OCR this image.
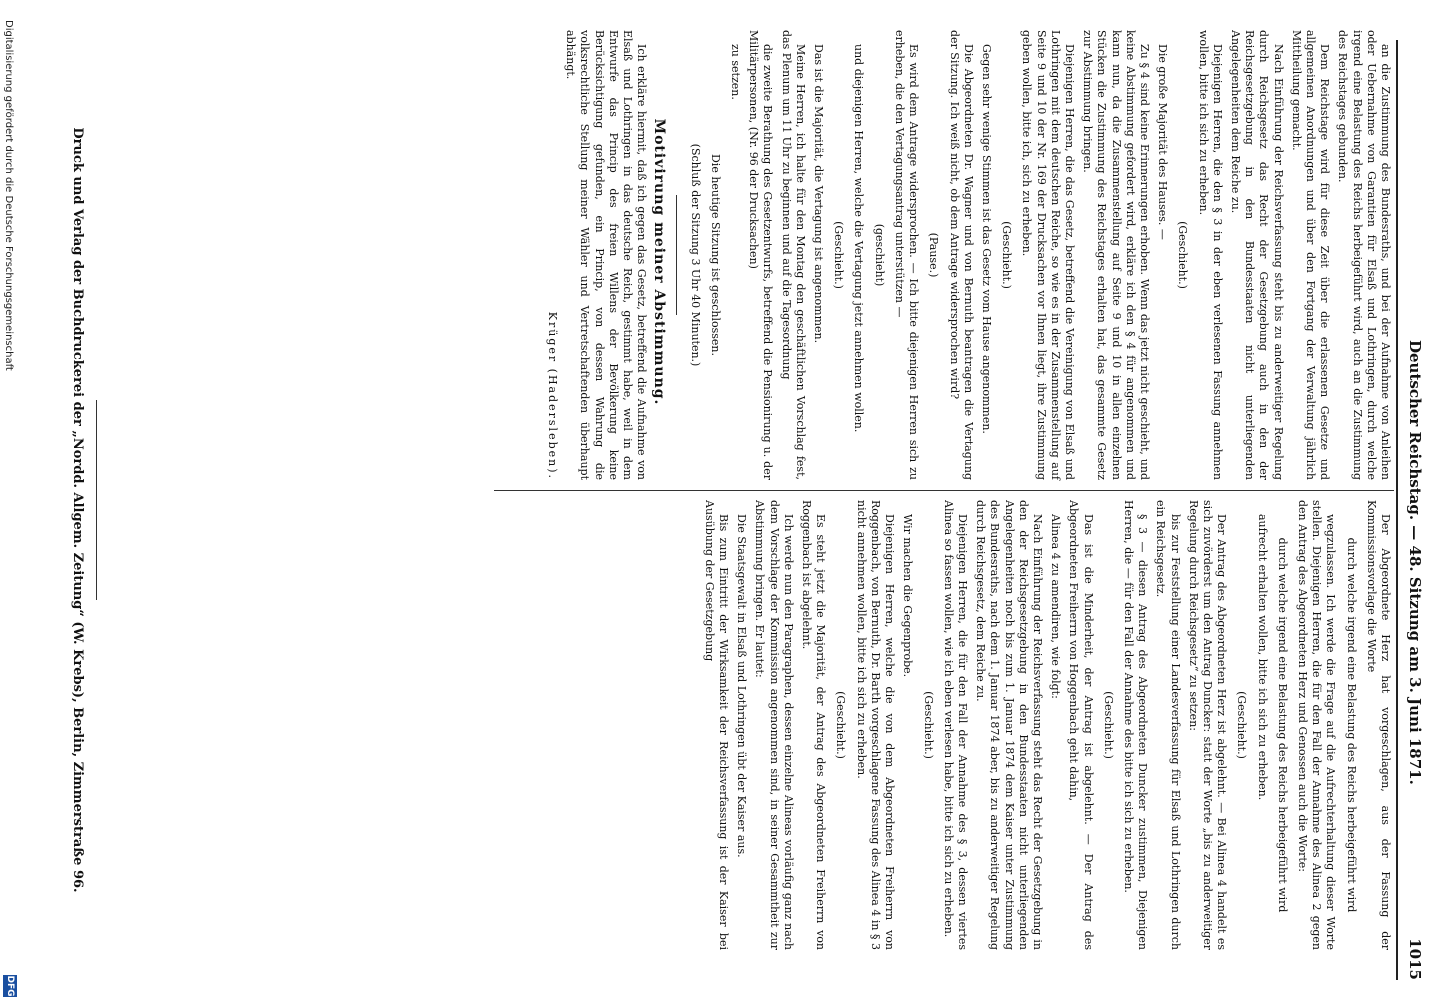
Deutscher Reichstag. — 48. Sitzung am 3. Juni 1871.
1015

an die Zustimmung des Bundesraths, und bei der Aufnahme von Anleihen oder Uebernahme von Garantien für Elsaß und Lothringen, durch welche irgend eine Belastung des Reichs herbeigeführt wird, auch an die Zustimmung des Reichstages gebunden.

Dem Reichstage wird für diese Zeit über die erlassenen Gesetze und allgemeinen Anordnungen und über den Fortgang der Verwaltung jährlich Mittheilung gemacht.

Nach Einführung der Reichsverfassung steht bis zu anderweitiger Regelung durch Reichsgesetz das Recht der Gesetzgebung auch in den der Reichsgesetzgebung in den Bundesstaaten nicht unterliegenden Angelegenheiten dem Reiche zu.

Diejenigen Herren, die den § 3 in der eben verlesenen Fassung annehmen wollen, bitte ich sich zu erheben.

(Geschieht.)

Die große Majorität des Hauses. —

Zu § 4 sind keine Erinnerungen erhoben. Wenn das jetzt nicht geschieht, und keine Abstimmung gefordert wird, erkläre ich den § 4 für angenommen und kann nun, da die Zusammenstellung auf Seite 9 und 10 in allen einzelnen Stücken die Zustimmung des Reichstages erhalten hat, das gesammte Gesetz zur Abstimmung bringen.

Diejenigen Herren, die das Gesetz, betreffend die Vereinigung von Elsaß und Lothringen mit dem deutschen Reiche, so wie es in der Zusammenstellung auf Seite 9 und 10 der Nr. 169 der Drucksachen vor Ihnen liegt, ihre Zustimmung geben wollen, bitte ich, sich zu erheben.

(Geschieht.)

Gegen sehr wenige Stimmen ist das Gesetz vom Hause angenommen.

Die Abgeordneten Dr. Wagner und von Bernuth beantragen die Vertagung der Sitzung. Ich weiß nicht, ob dem Antrage widersprochen wird?

(Pause.)

Es wird dem Antrage widersprochen. — Ich bitte diejenigen Herren sich zu erheben, die den Vertagungsantrag unterstützen —

(geschieht)

und diejenigen Herren, welche die Vertagung jetzt annehmen wollen.

(Geschieht.)

Das ist die Majorität, die Vertagung ist angenommen.

Meine Herren, ich halte für den Montag den geschäftlichen Vorschlag fest, das Plenum um 11 Uhr zu beginnen und auf die Tagesordnung

die zweite Berathung des Gesetzentwurfs, betreffend die Pensionirung u. der Militärpersonen, (Nr. 96 der Drucksachen)

zu setzen.

Die heutige Sitzung ist geschlossen.

(Schluß der Sitzung 3 Uhr 40 Minuten.)

Motivirung meiner Abstimmung.

Ich erkläre hiermit, daß ich gegen das Gesetz, betreffend die Aufnahme von Elsaß und Lothringen in das deutsche Reich, gestimmt habe, weil in dem Entwurfe das Princip des freien Willens der Bevölkerung keine Berücksichtigung gefunden, ein Princip, von dessen Wahrung die volksrechtliche Stellung meiner Wähler und Vertretschaftenden überhaupt abhängt.

Krüger (Hadersleben).

Der Abgeordnete Herz hat vorgeschlagen, aus der Fassung der Kommissionsvorlage die Worte

durch welche irgend eine Belastung des Reichs herbeigeführt wird

wegzulassen. Ich werde die Frage auf die Aufrechterhaltung dieser Worte stellen. Diejenigen Herren, die für den Fall der Annahme des Alinea 2 gegen den Antrag des Abgeordneten Herz und Genossen auch die Worte:

durch welche irgend eine Belastung des Reichs herbeigeführt wird

aufrecht erhalten wollen, bitte ich sich zu erheben.

(Geschieht.)

Der Antrag des Abgeordneten Herz ist abgelehnt. — Bei Alinea 4 handelt es sich zuvörderst um den Antrag Duncker: statt der Worte „bis zu anderweitiger Regelung durch Reichsgesetz“ zu setzen:

bis zur Feststellung einer Landesverfassung für Elsaß und Lothringen durch ein Reichsgesetz.

§ 3 — diesen Antrag des Abgeordneten Duncker zustimmen, Diejenigen Herren, die — für den Fall der Annahme des bitte ich sich zu erheben.

(Geschieht.)

Das ist die Minderheit, der Antrag ist abgelehnt. — Der Antrag des Abgeordneten Freiherrn von Hoggenbach geht dahin,

Alinea 4 zu amendiren, wie folgt:

Nach Einführung der Reichsverfassung steht das Recht der Gesetzgebung in den der Reichsgesetzgebung in den Bundesstaaten nicht unterliegenden Angelegenheiten noch bis zum 1. Januar 1874 dem Kaiser unter Zustimmung des Bundesraths, nach dem 1. Januar 1874 aber, bis zu anderweitiger Regelung durch Reichsgesetz, dem Reiche zu.

Diejenigen Herren, die für den Fall der Annahme des § 3, dessen viertes Alinea so fassen wollen, wie ich eben verlesen habe, bitte ich sich zu erheben.

(Geschieht.)

Wir machen die Gegenprobe.

Diejenigen Herren, welche die von dem Abgeordneten Freiherrn von Roggenbach, von Bernuth, Dr. Barth vorgeschlagene Fassung des Alinea 4 in § 3 nicht annehmen wollen, bitte ich sich zu erheben.

(Geschieht.)

Es steht jetzt die Majorität, der Antrag des Abgeordneten Freiherrn von Roggenbach ist abgelehnt.

Ich werde nun den Paragraphen, dessen einzelne Alineas vorläufig ganz nach dem Vorschlage der Kommission angenommen sind, in seiner Gesammtheit zur Abstimmung bringen. Er lautet:

Die Staatsgewalt in Elsaß und Lothringen übt der Kaiser aus.

Bis zum Eintritt der Wirksamkeit der Reichsverfassung ist der Kaiser bei Ausübung der Gesetzgebung

Druck und Verlag der Buchdruckerei der „Nordd. Allgem. Zeitung“ (W. Krebs), Berlin, Zimmerstraße 96.
Digitalisierung gefördert durch die Deutsche Forschungsgemeinschaft
DFG
